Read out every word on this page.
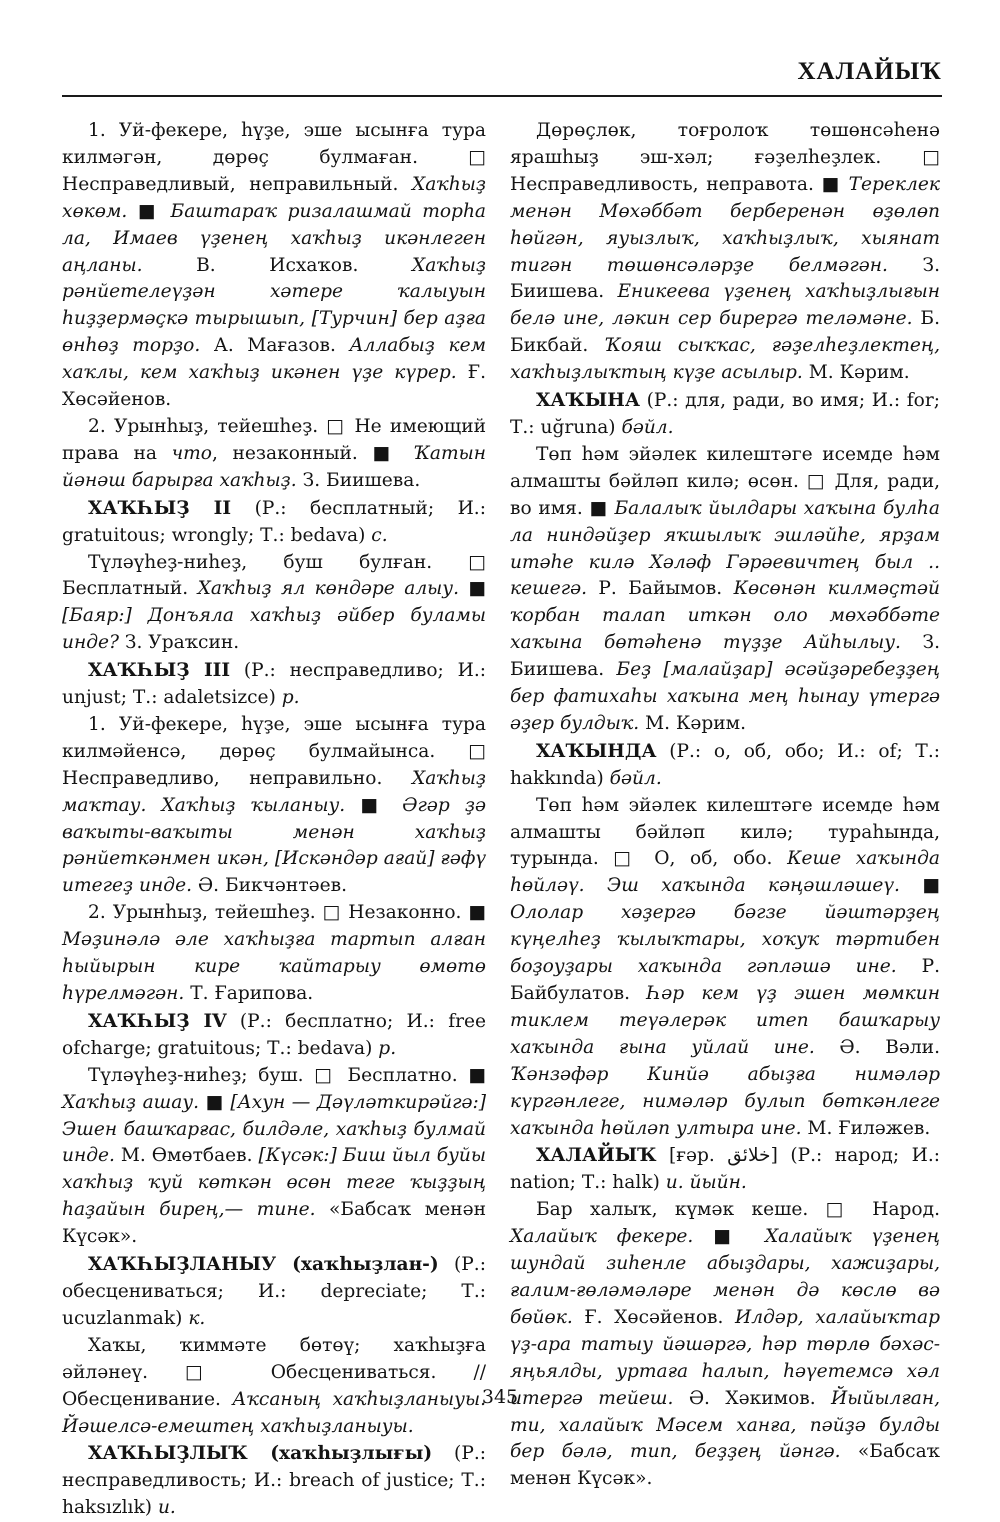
ХАЛАЙЫҠ

1. Уй-фекере, һүҙе, эше ысынға тура килмәгән, дөрөҫ булмаған. □ Несправедливый, неправильный. Хаҡһыҙ хөкөм. ■ Баштараҡ ризалашмай торһа ла, Имаев үҙенең хаҡһыҙ икәнлеген аңланы. В. Исхаҡов. Хаҡһыҙ рәнйетелеүҙән хәтере ҡалыуын һиҙҙермәҫкә тырышып, [Турчин] бер аҙға өнһөҙ торҙо. А. Мағазов. Аллабыҙ кем хаҡлы, кем хаҡһыҙ икәнен үҙе күрер. Ғ. Хөсәйенов.

2. Урынһыҙ, тейешһеҙ. □ Не имеющий права на что, незаконный. ■ Ҡатын йәнәш барырға хаҡһыҙ. З. Биишева.

ХАҠҺЫҘ II (Р.: бесплатный; И.: gratuitous; wrongly; Т.: bedava) с.

Түләүһеҙ-ниһеҙ, буш булған. □ Бесплатный. Хаҡһыҙ ял көндәре алыу. ■ [Баяр:] Донъяла хаҡһыҙ әйбер буламы инде? З. Ураҡсин.

ХАҠҺЫҘ III (Р.: несправедливо; И.: unjust; Т.: adaletsizce) р.

1. Уй-фекере, һүҙе, эше ысынға тура килмәйенсә, дөрөҫ булмайынса. □ Несправедливо, неправильно. Хаҡһыҙ маҡтау. Хаҡһыҙ ҡыланыу. ■ Әгәр ҙә ваҡыты-ваҡыты менән хаҡһыҙ рәнйеткәнмен икән, [Искәндәр ағай] ғәфү итегеҙ инде. Ә. Бикчәнтәев.

2. Урынһыҙ, тейешһеҙ. □ Незаконно. ■ Мәҙинәлә әле хаҡһыҙға тартып алған һыйырын кире ҡайтарыу өмөтө һүрелмәгән. Т. Ғарипова.

ХАҠҺЫҘ IV (Р.: бесплатно; И.: free ofcharge; gratuitous; Т.: bedava) р.

Түләүһеҙ-ниһеҙ; буш. □ Бесплатно. ■ Хаҡһыҙ ашау. ■ [Ахун — Дәүләткирәйгә:] Эшен башҡарғас, билдәле, хаҡһыҙ булмай инде. М. Өмөтбаев. [Күсәк:] Биш йыл буйы хаҡһыҙ ҡуй көткән өсөн теге ҡыҙҙың һаҙайын бирең,— тине. «Бабсаҡ менән Күсәк».

ХАҠҺЫҘЛАНЫУ (хаҡһыҙлан-) (Р.: обесцениваться; И.: depreciate; Т.: ucuzlanmak) к.

Хаҡы, ҡиммәте бөтөү; хаҡһыҙға әйләнеү. □ Обесцениваться. // Обесценивание. Аҡсаның хаҡһыҙланыуы. Йәшелсә-емештең хаҡһыҙланыуы.

ХАҠҺЫҘЛЫҠ (хаҡһыҙлығы) (Р.: несправедливость; И.: breach of justice; Т.: haksızlık) и.

Дөрөҫлөк, тоғролоҡ төшөнсәһенә ярашһыҙ эш-хәл; ғәҙелһеҙлек. □ Несправедливость, неправота. ■ Тереклек менән Мөхәббәт берберенән өҙөлөп һөйгән, яуызлыҡ, хаҡһыҙлыҡ, хыянат тигән төшөнсәләрҙе белмәгән. З. Биишева. Еникеева үҙенең хаҡһыҙлығын белә ине, ләкин сер бирергә теләмәне. Б. Бикбай. Ҡояш сыҡҡас, ғәҙелһеҙлектең, хаҡһыҙлыҡтың күҙе асылыр. М. Кәрим.

ХАҠЫНА (Р.: для, ради, во имя; И.: for; Т.: uğruna) бәйл.

Төп һәм эйәлек килештәге исемде һәм алмашты бәйләп килә; өсөн. □ Для, ради, во имя. ■ Балалыҡ йылдары хаҡына булһа ла ниндәйҙер яҡшылыҡ эшләйһе, ярҙам итәһе килә Хәләф Гәрәевичтең был .. кешегә. Р. Байымов. Көсөнән килмәҫтәй ҡорбан талап иткән оло мөхәббәте хаҡына бөтәһенә түҙҙе Айһылыу. З. Биишева. Беҙ [малайҙар] әсәйҙәребеҙҙең бер фатихаһы хаҡына мең һынау үтергә әҙер булдыҡ. М. Кәрим.

ХАҠЫНДА (Р.: о, об, обо; И.: of; Т.: hakkında) бәйл.

Төп һәм эйәлек килештәге исемде һәм алмашты бәйләп килә; тураһында, турында. □ О, об, обо. Кеше хаҡында һөйләү. Эш хаҡында кәңәшләшеү. ■ Ололар хәҙергә бәгзе йәштәрҙең күңелһеҙ ҡылыҡтары, хоҡуҡ тәртибен боҙоуҙары хаҡында гәпләшә ине. Р. Байбулатов. Һәр кем үҙ эшен мөмкин тиклем теүәлерәк итеп башҡарыу хаҡында ғына уйлай ине. Ә. Вәли. Ҡәнзәфәр Кинйә абыҙға нимәләр күргәнлеге, нимәләр булып бөткәнлеге хаҡында һөйләп ултыра ине. М. Ғиләжев.

ХАЛАЙЫҠ [ғәр. خلائق] (Р.: народ; И.: nation; Т.: halk) и. йыйн.

Бар халыҡ, күмәк кеше. □ Народ. Халайыҡ фекере. ■ Халайыҡ үҙенең шундай зиһенле абыҙдары, хажиҙары, ғалим-ғөләмәләре менән дә көслө вә бөйөк. Ғ. Хөсәйенов. Илдәр, халайыҡтар үҙ-ара татыу йәшәргә, һәр төрлө бәхәс-яңьялды, уртаға һалып, һәүетемсә хәл итергә тейеш. Ә. Хәкимов. Йыйылған, ти, халайыҡ Мәсем ханға, пәйҙә булды бер бәлә, тип, беҙҙең йәнгә. «Бабсаҡ менән Күсәк».

345
